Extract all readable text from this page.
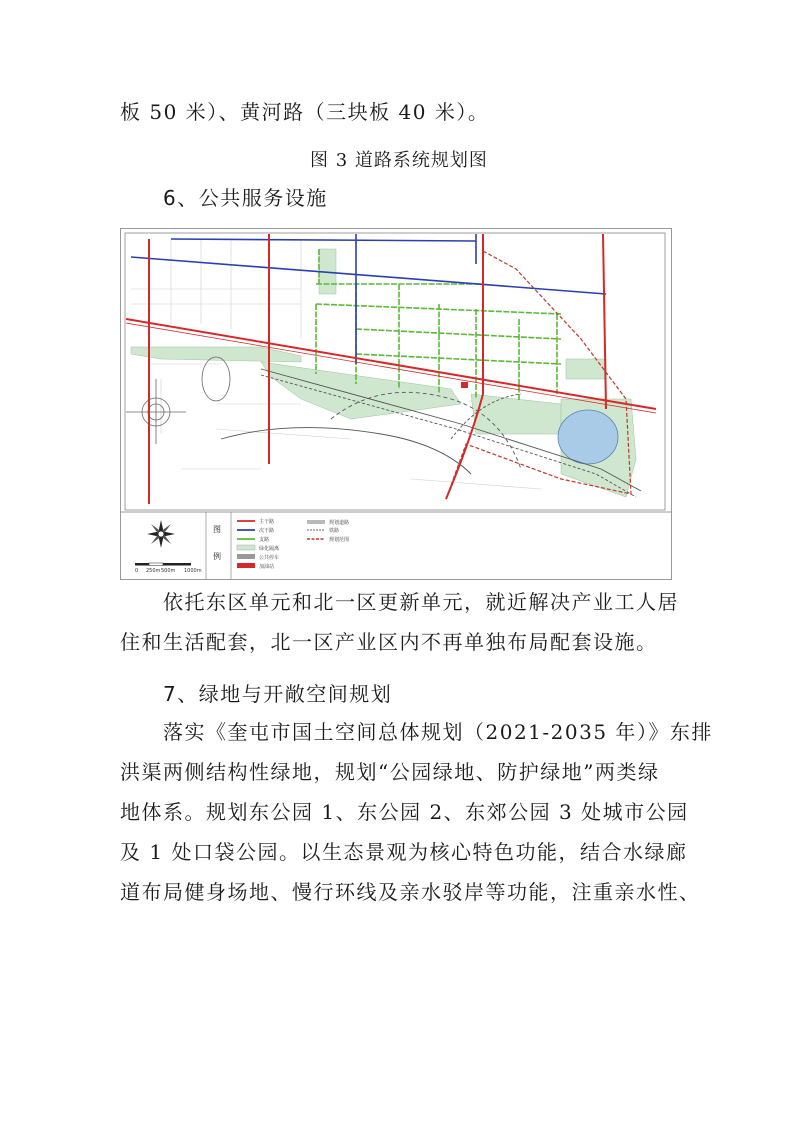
板 50 米）、黄河路（三块板 40 米）。
图 3 道路系统规划图
6、公共服务设施
0 250m 500m 1000m
图
例
主干路
次干路
支路
绿化隔离
公共停车
加油站
规划道路
铁路
规划范围
依托东区单元和北一区更新单元，就近解决产业工人居
住和生活配套，北一区产业区内不再单独布局配套设施。
7、绿地与开敞空间规划
落实《奎屯市国土空间总体规划（2021-2035 年）》东排
洪渠两侧结构性绿地，规划“公园绿地、防护绿地”两类绿
地体系。规划东公园 1、东公园 2、东郊公园 3 处城市公园
及 1 处口袋公园。以生态景观为核心特色功能，结合水绿廊
道布局健身场地、慢行环线及亲水驳岸等功能，注重亲水性、
